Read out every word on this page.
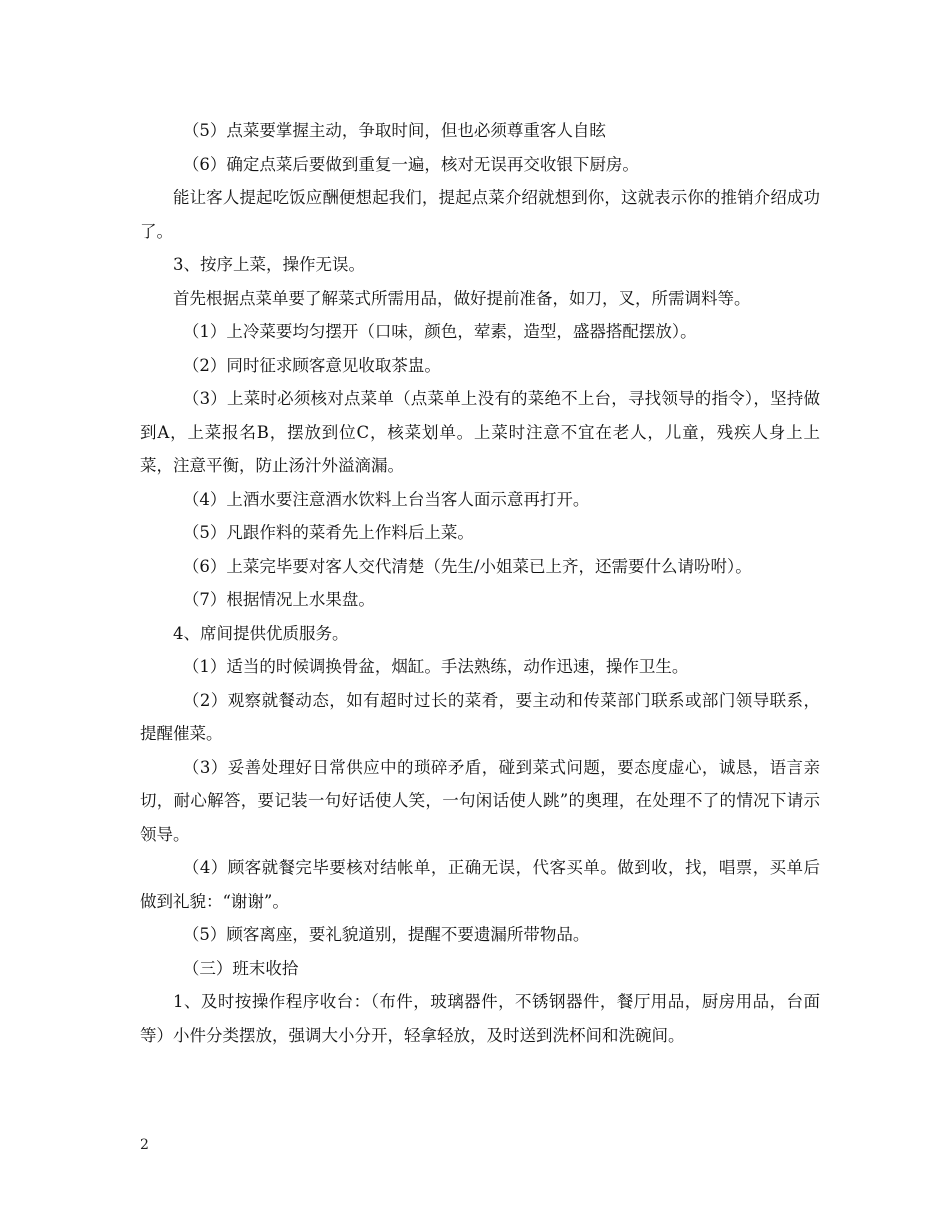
（5）点菜要掌握主动，争取时间，但也必须尊重客人自眩

（6）确定点菜后要做到重复一遍，核对无误再交收银下厨房。

能让客人提起吃饭应酬便想起我们，提起点菜介绍就想到你，这就表示你的推销介绍成功了。

3、按序上菜，操作无误。

首先根据点菜单要了解菜式所需用品，做好提前准备，如刀，叉，所需调料等。

（1）上冷菜要均匀摆开（口味，颜色，荤素，造型，盛器搭配摆放）。

（2）同时征求顾客意见收取茶盅。

（3）上菜时必须核对点菜单（点菜单上没有的菜绝不上台，寻找领导的指令），坚持做到A，上菜报名B，摆放到位C，核菜划单。上菜时注意不宜在老人，儿童，残疾人身上上菜，注意平衡，防止汤汁外溢滴漏。

（4）上酒水要注意酒水饮料上台当客人面示意再打开。

（5）凡跟作料的菜肴先上作料后上菜。

（6）上菜完毕要对客人交代清楚（先生/小姐菜已上齐，还需要什么请吩咐）。

（7）根据情况上水果盘。

4、席间提供优质服务。

（1）适当的时候调换骨盆，烟缸。手法熟练，动作迅速，操作卫生。

（2）观察就餐动态，如有超时过长的菜肴，要主动和传菜部门联系或部门领导联系，提醒催菜。

（3）妥善处理好日常供应中的琐碎矛盾，碰到菜式问题，要态度虚心，诚恳，语言亲切，耐心解答，要记装一句好话使人笑，一句闲话使人跳”的奥理，在处理不了的情况下请示领导。

（4）顾客就餐完毕要核对结帐单，正确无误，代客买单。做到收，找，唱票，买单后做到礼貌：“谢谢”。

（5）顾客离座，要礼貌道别，提醒不要遗漏所带物品。

（三）班末收拾

1、及时按操作程序收台：（布件，玻璃器件，不锈钢器件，餐厅用品，厨房用品，台面等）小件分类摆放，强调大小分开，轻拿轻放，及时送到洗杯间和洗碗间。

2
